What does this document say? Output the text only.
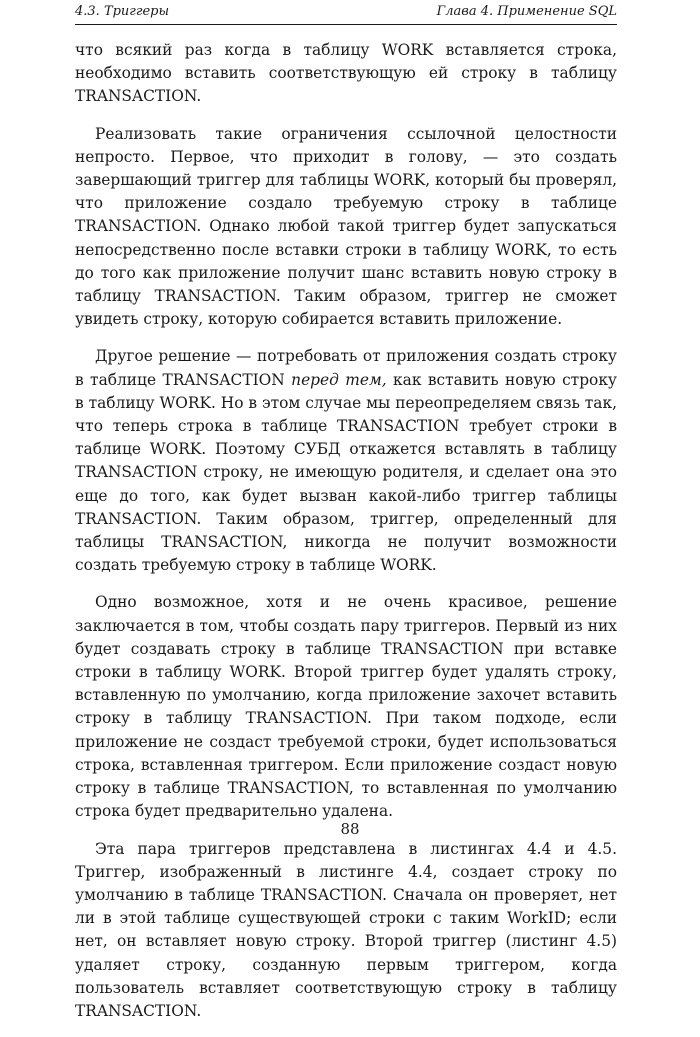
4.3. Триггеры	Глава 4. Применение SQL

что всякий раз когда в таблицу WORK вставляется строка, необходимо вставить соответствующую ей строку в таблицу TRANSACTION.

Реализовать такие ограничения ссылочной целостности непросто. Первое, что приходит в голову, — это создать завершающий триггер для таблицы WORK, который бы проверял, что приложение создало требуемую строку в таблице TRANSACTION. Однако любой такой триггер будет запускаться непосредственно после вставки строки в таблицу WORK, то есть до того как приложение получит шанс вставить новую строку в таблицу TRANSACTION. Таким образом, триггер не сможет увидеть строку, которую собирается вставить приложение.

Другое решение — потребовать от приложения создать строку в таблице TRANSACTION перед тем, как вставить новую строку в таблицу WORK. Но в этом случае мы переопределяем связь так, что теперь строка в таблице TRANSACTION требует строки в таблице WORK. Поэтому СУБД откажется вставлять в таблицу TRANSACTION строку, не имеющую родителя, и сделает она это еще до того, как будет вызван какой-либо триггер таблицы TRANSACTION. Таким образом, триггер, определенный для таблицы TRANSACTION, никогда не получит возможности создать требуемую строку в таблице WORK.

Одно возможное, хотя и не очень красивое, решение заключается в том, чтобы создать пару триггеров. Первый из них будет создавать строку в таблице TRANSACTION при вставке строки в таблицу WORK. Второй триггер будет удалять строку, вставленную по умолчанию, когда приложение захочет вставить строку в таблицу TRANSACTION. При таком подходе, если приложение не создаст требуемой строки, будет использоваться строка, вставленная триггером. Если приложение создаст новую строку в таблице TRANSACTION, то вставленная по умолчанию строка будет предварительно удалена.

Эта пара триггеров представлена в листингах 4.4 и 4.5. Триггер, изображенный в листинге 4.4, создает строку по умолчанию в таблице TRANSACTION. Сначала он проверяет, нет ли в этой таблице существующей строки с таким WorkID; если нет, он вставляет новую строку. Второй триггер (листинг 4.5) удаляет строку, созданную первым триггером, когда пользователь вставляет соответствующую строку в таблицу TRANSACTION.

88
